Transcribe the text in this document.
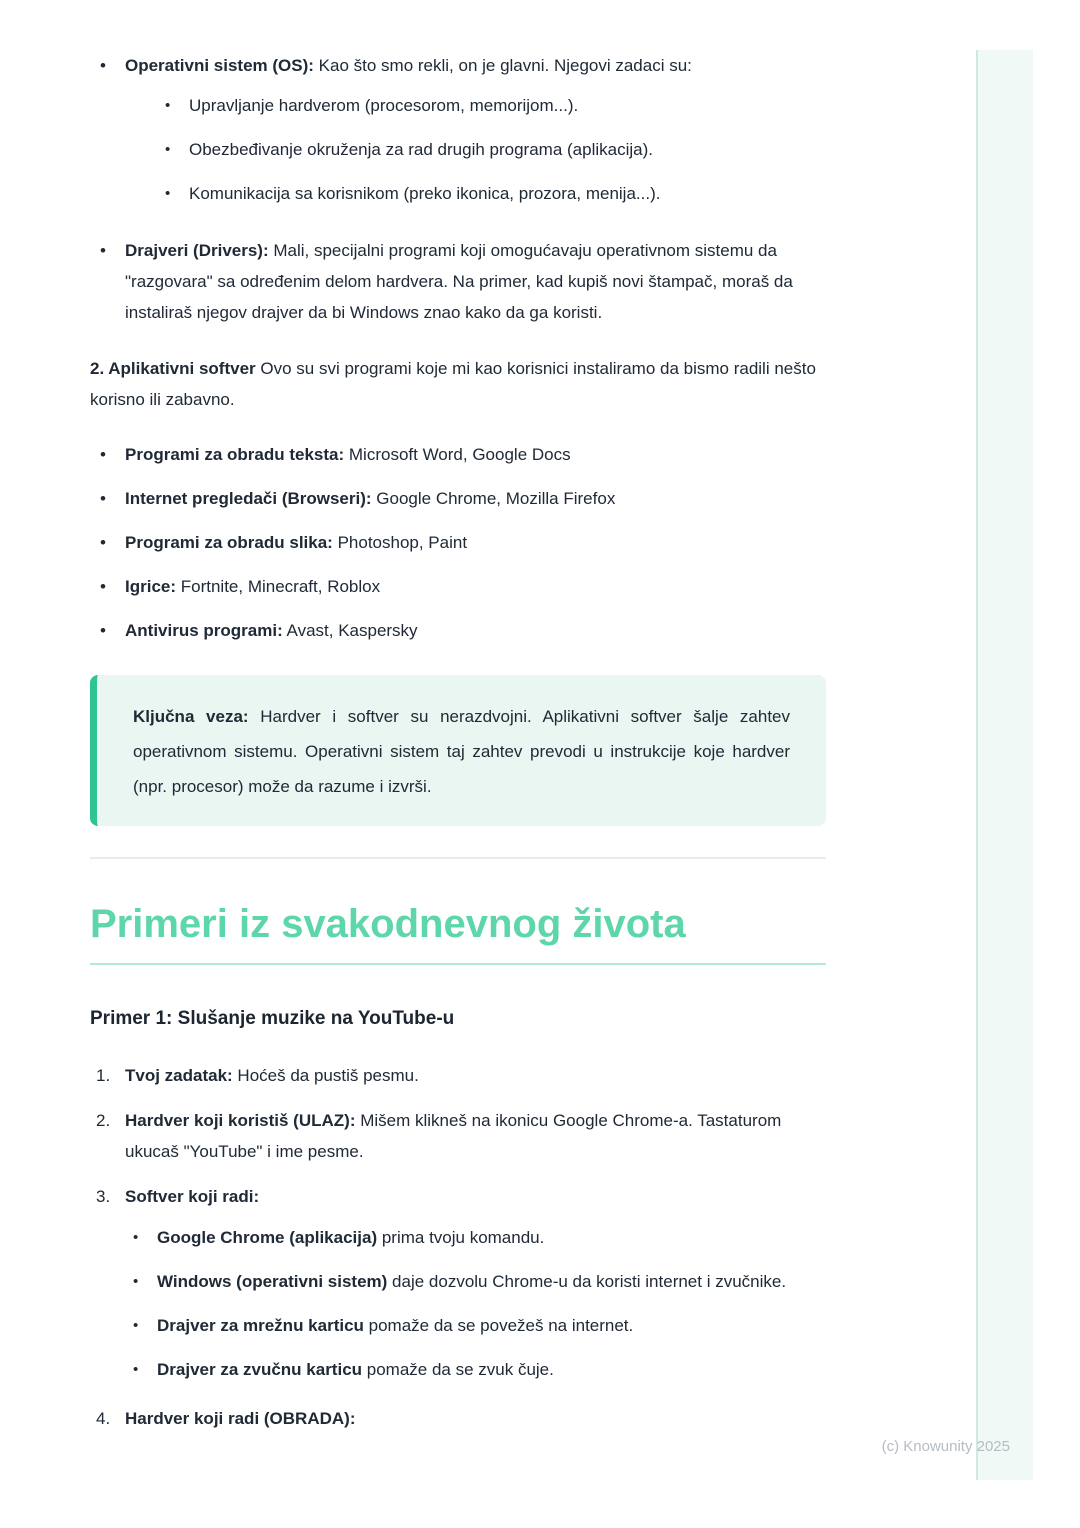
• Operativni sistem (OS): Kao što smo rekli, on je glavni. Njegovi zadaci su:
• Upravljanje hardverom (procesorom, memorijom...).
• Obezbeđivanje okruženja za rad drugih programa (aplikacija).
• Komunikacija sa korisnikom (preko ikonica, prozora, menija...).
• Drajveri (Drivers): Mali, specijalni programi koji omogućavaju operativnom sistemu da "razgovara" sa određenim delom hardvera. Na primer, kad kupiš novi štampač, moraš da instaliraš njegov drajver da bi Windows znao kako da ga koristi.

2. Aplikativni softver Ovo su svi programi koje mi kao korisnici instaliramo da bismo radili nešto korisno ili zabavno.

• Programi za obradu teksta: Microsoft Word, Google Docs
• Internet pregledači (Browseri): Google Chrome, Mozilla Firefox
• Programi za obradu slika: Photoshop, Paint
• Igrice: Fortnite, Minecraft, Roblox
• Antivirus programi: Avast, Kaspersky
Ključna veza: Hardver i softver su nerazdvojni. Aplikativni softver šalje zahtev operativnom sistemu. Operativni sistem taj zahtev prevodi u instrukcije koje hardver (npr. procesor) može da razume i izvrši.
Primeri iz svakodnevnog života
Primer 1: Slušanje muzike na YouTube-u
1. Tvoj zadatak: Hoćeš da pustiš pesmu.
2. Hardver koji koristiš (ULAZ): Mišem klikneš na ikonicu Google Chrome-a. Tastaturom ukucaš "YouTube" i ime pesme.
3. Softver koji radi:
• Google Chrome (aplikacija) prima tvoju komandu.
• Windows (operativni sistem) daje dozvolu Chrome-u da koristi internet i zvučnike.
• Drajver za mrežnu karticu pomaže da se povežeš na internet.
• Drajver za zvučnu karticu pomaže da se zvuk čuje.
4. Hardver koji radi (OBRADA):
(c) Knowunity 2025
